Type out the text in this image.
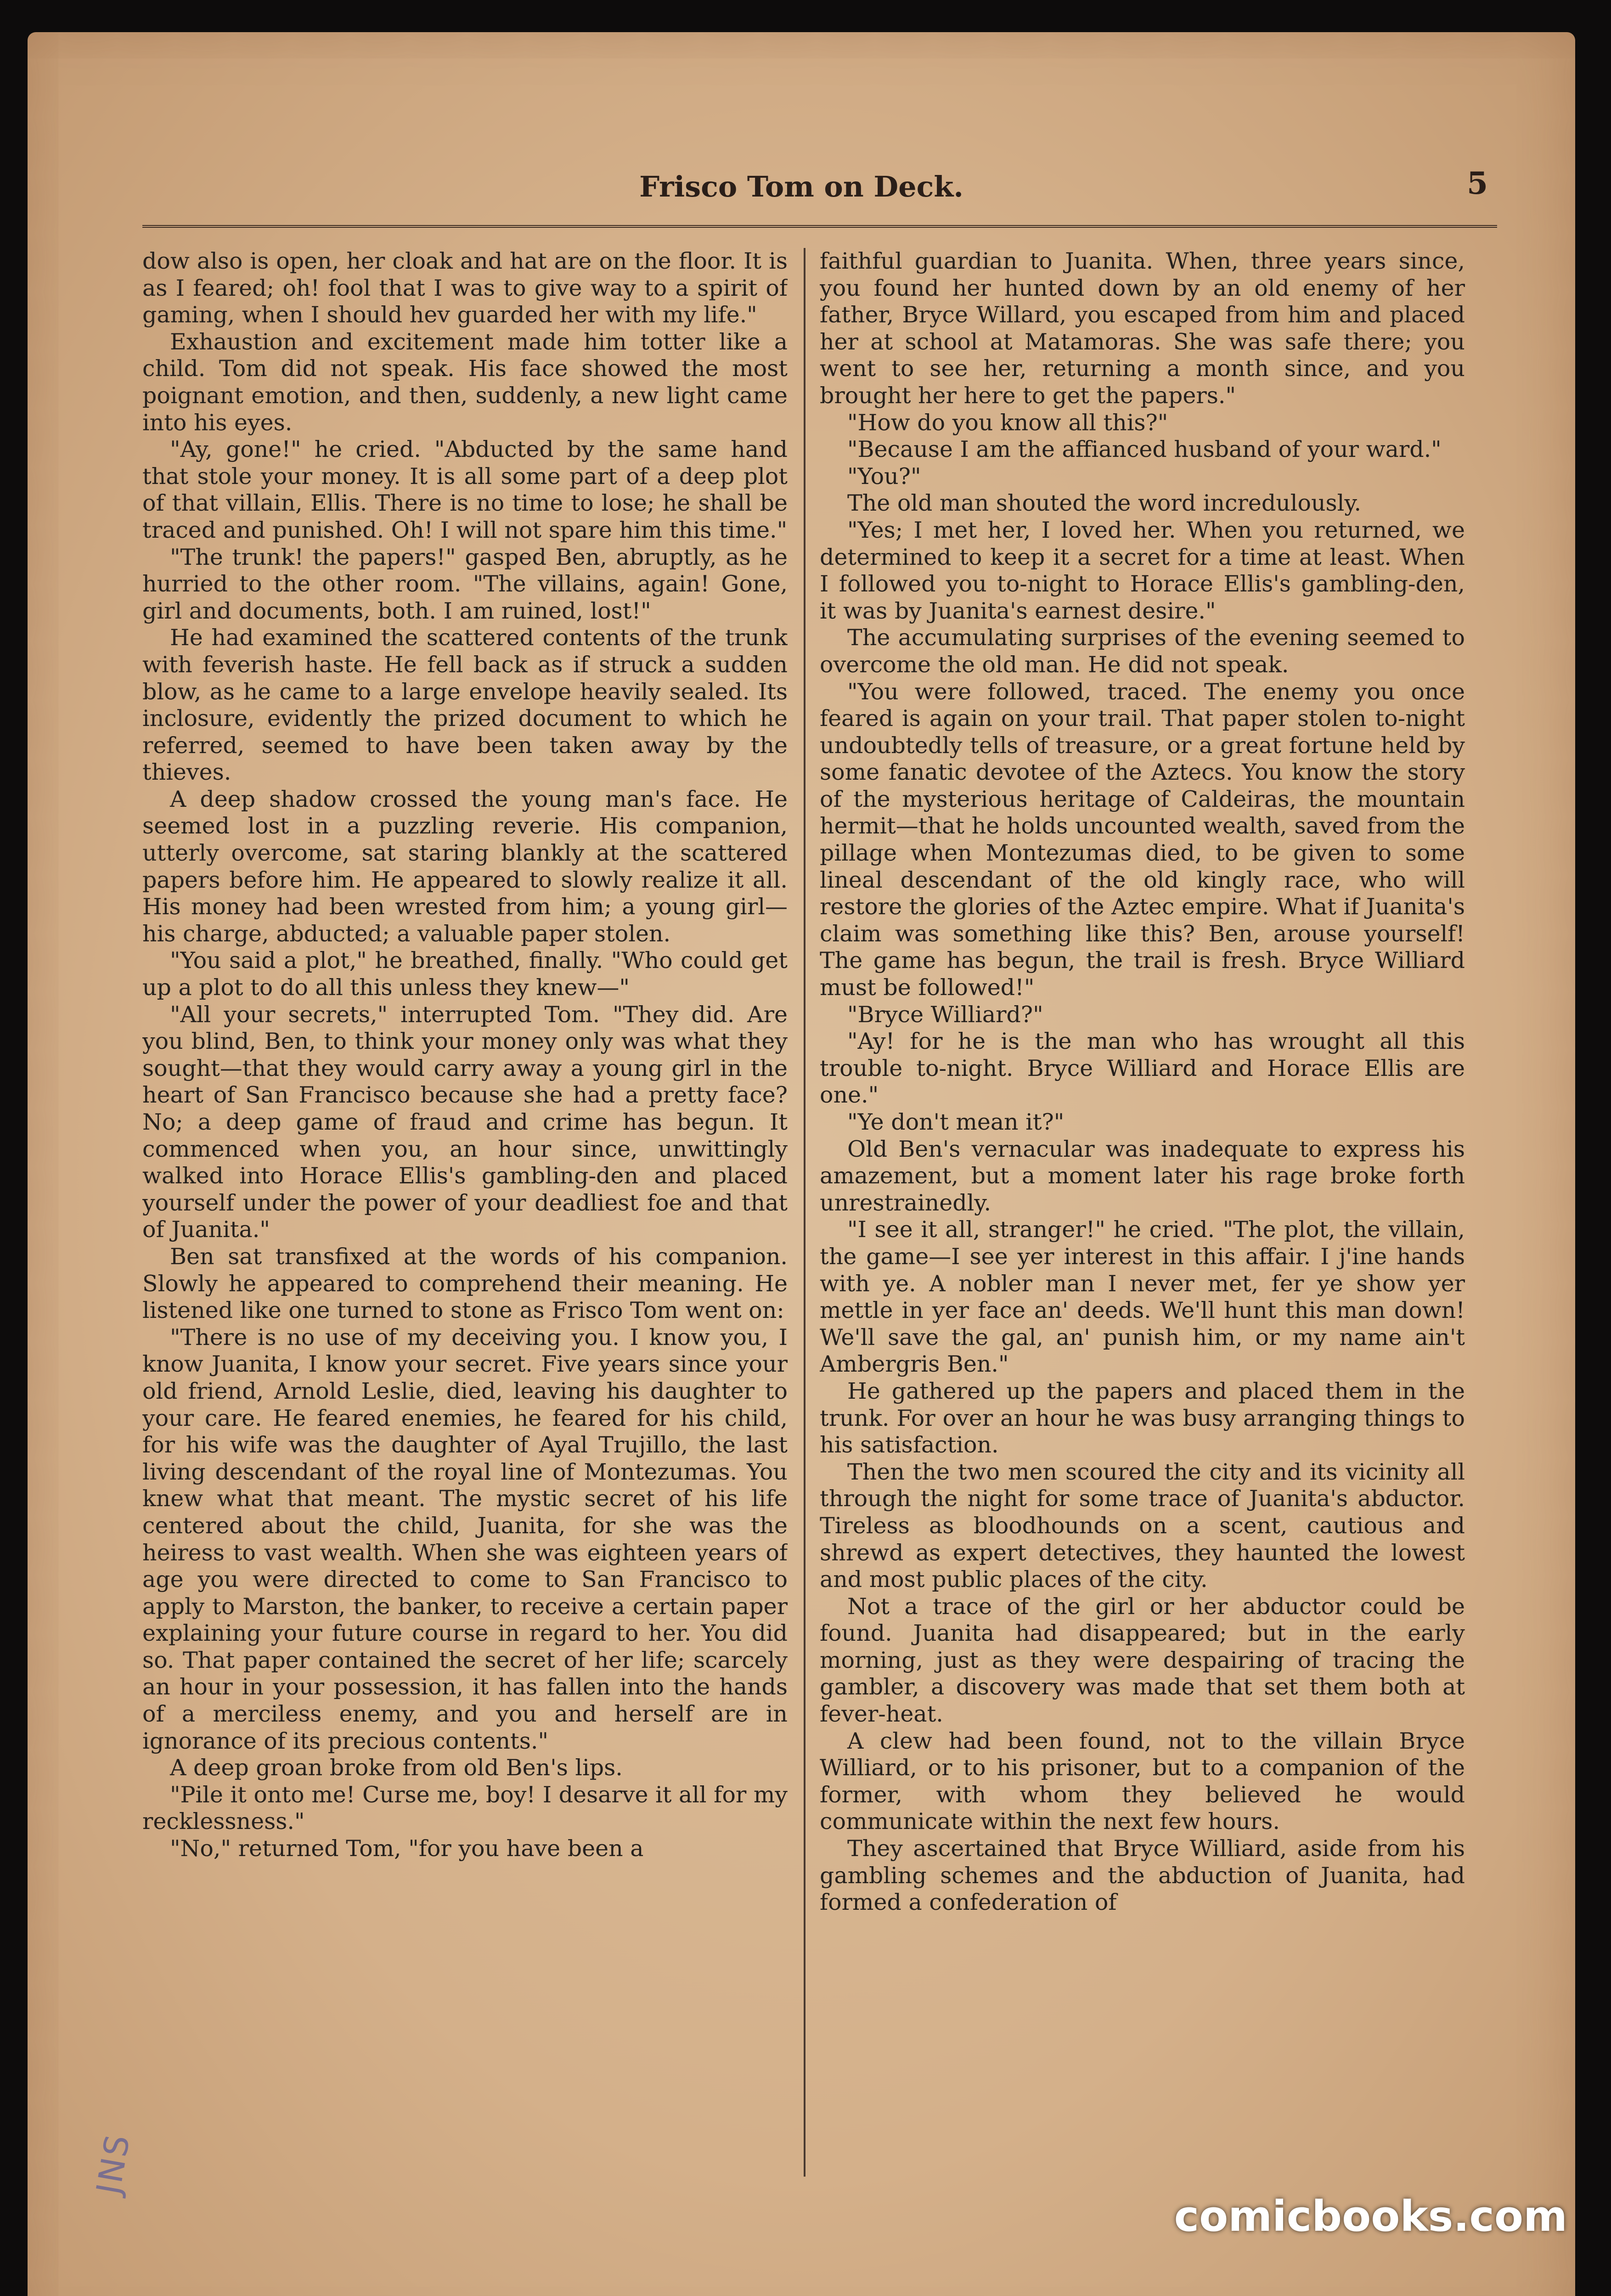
Frisco Tom on Deck.	5

dow also is open, her cloak and hat are on the floor. It is as I feared; oh! fool that I was to give way to a spirit of gaming, when I should hev guarded her with my life."

Exhaustion and excitement made him totter like a child. Tom did not speak. His face showed the most poignant emotion, and then, suddenly, a new light came into his eyes.

"Ay, gone!" he cried. "Abducted by the same hand that stole your money. It is all some part of a deep plot of that villain, Ellis. There is no time to lose; he shall be traced and punished. Oh! I will not spare him this time."

"The trunk! the papers!" gasped Ben, abruptly, as he hurried to the other room. "The villains, again! Gone, girl and documents, both. I am ruined, lost!"

He had examined the scattered contents of the trunk with feverish haste. He fell back as if struck a sudden blow, as he came to a large envelope heavily sealed. Its inclosure, evidently the prized document to which he referred, seemed to have been taken away by the thieves.

A deep shadow crossed the young man's face. He seemed lost in a puzzling reverie. His companion, utterly overcome, sat staring blankly at the scattered papers before him. He appeared to slowly realize it all. His money had been wrested from him; a young girl—his charge, abducted; a valuable paper stolen.

"You said a plot," he breathed, finally. "Who could get up a plot to do all this unless they knew—"

"All your secrets," interrupted Tom. "They did. Are you blind, Ben, to think your money only was what they sought—that they would carry away a young girl in the heart of San Francisco because she had a pretty face? No; a deep game of fraud and crime has begun. It commenced when you, an hour since, unwittingly walked into Horace Ellis's gambling-den and placed yourself under the power of your deadliest foe and that of Juanita."

Ben sat transfixed at the words of his companion. Slowly he appeared to comprehend their meaning. He listened like one turned to stone as Frisco Tom went on:

"There is no use of my deceiving you. I know you, I know Juanita, I know your secret. Five years since your old friend, Arnold Leslie, died, leaving his daughter to your care. He feared enemies, he feared for his child, for his wife was the daughter of Ayal Trujillo, the last living descendant of the royal line of Montezumas. You knew what that meant. The mystic secret of his life centered about the child, Juanita, for she was the heiress to vast wealth. When she was eighteen years of age you were directed to come to San Francisco to apply to Marston, the banker, to receive a certain paper explaining your future course in regard to her. You did so. That paper contained the secret of her life; scarcely an hour in your possession, it has fallen into the hands of a merciless enemy, and you and herself are in ignorance of its precious contents."

A deep groan broke from old Ben's lips.

"Pile it onto me! Curse me, boy! I desarve it all for my recklessness."

"No," returned Tom, "for you have been a

faithful guardian to Juanita. When, three years since, you found her hunted down by an old enemy of her father, Bryce Willard, you escaped from him and placed her at school at Matamoras. She was safe there; you went to see her, returning a month since, and you brought her here to get the papers."

"How do you know all this?"

"Because I am the affianced husband of your ward."

"You?"

The old man shouted the word incredulously.

"Yes; I met her, I loved her. When you returned, we determined to keep it a secret for a time at least. When I followed you to-night to Horace Ellis's gambling-den, it was by Juanita's earnest desire."

The accumulating surprises of the evening seemed to overcome the old man. He did not speak.

"You were followed, traced. The enemy you once feared is again on your trail. That paper stolen to-night undoubtedly tells of treasure, or a great fortune held by some fanatic devotee of the Aztecs. You know the story of the mysterious heritage of Caldeiras, the mountain hermit—that he holds uncounted wealth, saved from the pillage when Montezumas died, to be given to some lineal descendant of the old kingly race, who will restore the glories of the Aztec empire. What if Juanita's claim was something like this? Ben, arouse yourself! The game has begun, the trail is fresh. Bryce Williard must be followed!"

"Bryce Williard?"

"Ay! for he is the man who has wrought all this trouble to-night. Bryce Williard and Horace Ellis are one."

"Ye don't mean it?"

Old Ben's vernacular was inadequate to express his amazement, but a moment later his rage broke forth unrestrainedly.

"I see it all, stranger!" he cried. "The plot, the villain, the game—I see yer interest in this affair. I j'ine hands with ye. A nobler man I never met, fer ye show yer mettle in yer face an' deeds. We'll hunt this man down! We'll save the gal, an' punish him, or my name ain't Ambergris Ben."

He gathered up the papers and placed them in the trunk. For over an hour he was busy arranging things to his satisfaction.

Then the two men scoured the city and its vicinity all through the night for some trace of Juanita's abductor. Tireless as bloodhounds on a scent, cautious and shrewd as expert detectives, they haunted the lowest and most public places of the city.

Not a trace of the girl or her abductor could be found. Juanita had disappeared; but in the early morning, just as they were despairing of tracing the gambler, a discovery was made that set them both at fever-heat.

A clew had been found, not to the villain Bryce Williard, or to his prisoner, but to a companion of the former, with whom they believed he would communicate within the next few hours.

They ascertained that Bryce Williard, aside from his gambling schemes and the abduction of Juanita, had formed a confederation of

JNS
comicbooks.com
